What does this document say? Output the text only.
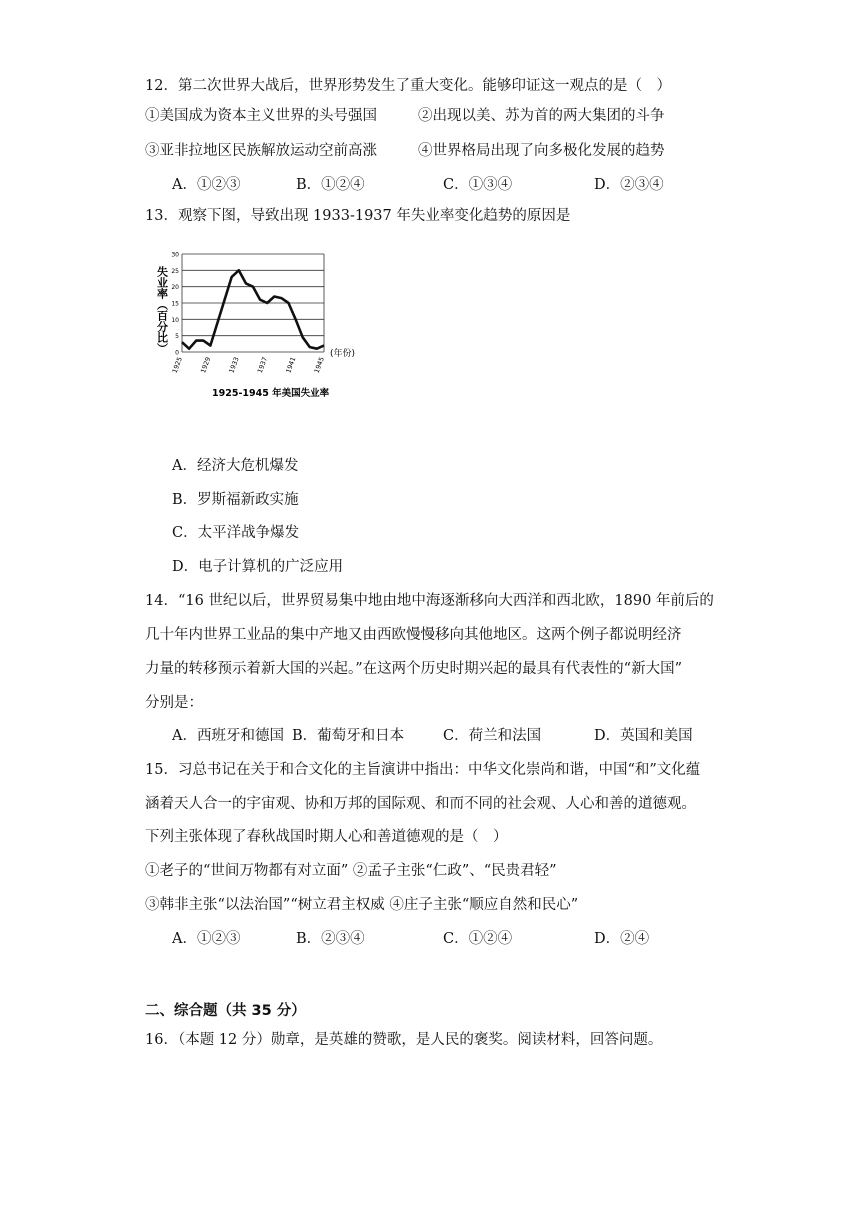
12．第二次世界大战后，世界形势发生了重大变化。能够印证这一观点的是（　）
①美国成为资本主义世界的头号强国	②出现以美、苏为首的两大集团的斗争
③亚非拉地区民族解放运动空前高涨	④世界格局出现了向多极化发展的趋势
A．①②③	B．①②④	C．①③④	D．②③④
13．观察下图，导致出现 1933-1937 年失业率变化趋势的原因是
失业率（百分比） 0
5
10
15
20
25
30
1925 1929 1933 1937 1941 1945
(年份)
1925-1945 年美国失业率
A．经济大危机爆发
B．罗斯福新政实施
C．太平洋战争爆发
D．电子计算机的广泛应用
14．“16 世纪以后，世界贸易集中地由地中海逐渐移向大西洋和西北欧，1890 年前后的
几十年内世界工业品的集中产地又由西欧慢慢移向其他地区。这两个例子都说明经济
力量的转移预示着新大国的兴起。”在这两个历史时期兴起的最具有代表性的“新大国”
分别是：
A．西班牙和德国 B．葡萄牙和日本	C．荷兰和法国	D．英国和美国
15．习总书记在关于和合文化的主旨演讲中指出：中华文化崇尚和谐，中国“和”文化蕴
涵着天人合一的宇宙观、协和万邦的国际观、和而不同的社会观、人心和善的道德观。
下列主张体现了春秋战国时期人心和善道德观的是（　）
①老子的“世间万物都有对立面” ②孟子主张“仁政”、“民贵君轻”
③韩非主张“以法治国”“树立君主权威 ④庄子主张“顺应自然和民心”
A．①②③	B．②③④	C．①②④	D．②④
二、综合题（共 35 分）
16．（本题 12 分）勋章，是英雄的赞歌，是人民的褒奖。阅读材料，回答问题。
